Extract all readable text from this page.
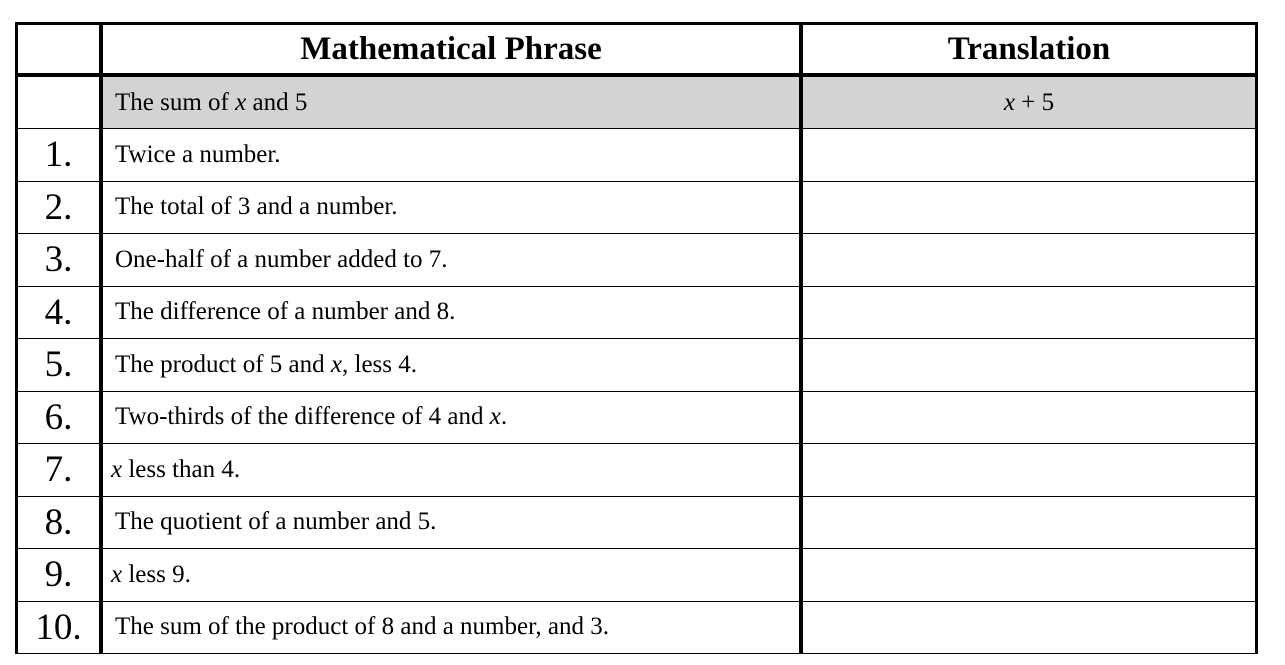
	Mathematical Phrase	Translation
	The sum of x and 5	x + 5
1.	Twice a number.	
2.	The total of 3 and a number.	
3.	One-half of a number added to 7.	
4.	The difference of a number and 8.	
5.	The product of 5 and x, less 4.	
6.	Two-thirds of the difference of 4 and x.	
7.	x less than 4.	
8.	The quotient of a number and 5.	
9.	x less 9.	
10.	The sum of the product of 8 and a number, and 3.	
